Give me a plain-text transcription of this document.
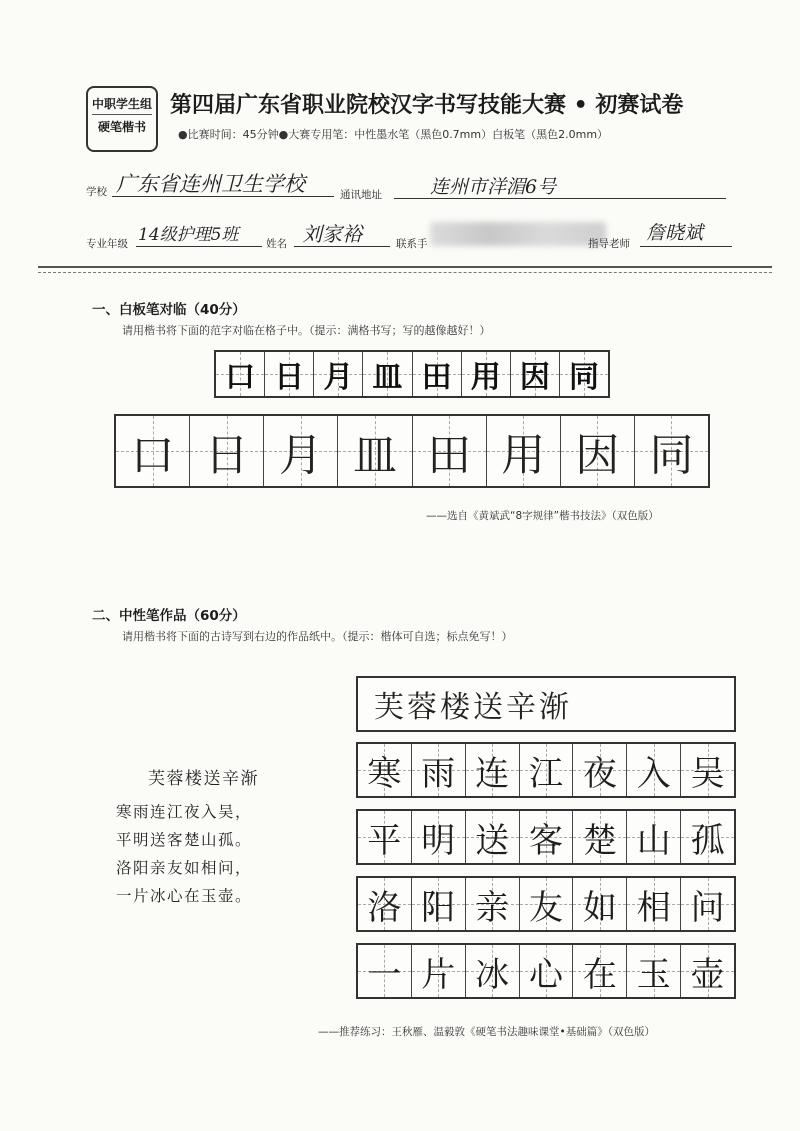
中职学生组
硬笔楷书
第四届广东省职业院校汉字书写技能大赛 • 初赛试卷
●比赛时间：45分钟●大赛专用笔：中性墨水笔（黑色0.7mm）白板笔（黑色2.0mm）
学校 广东省连州卫生学校	通讯地址	连州市洋湄6号
专业年级 14级护理5班	姓名 刘家裕	联系手	指导老师 詹晓斌
一、白板笔对临（40分）
请用楷书将下面的范字对临在格子中。（提示：满格书写；写的越像越好！）
口 日 月 皿 田 用 因 同
口 日 月 皿 田 用 因 同
——选自《黄斌武“8字规律”楷书技法》（双色版）
二、中性笔作品（60分）
请用楷书将下面的古诗写到右边的作品纸中。（提示：楷体可自选；标点免写！）
芙蓉楼送辛渐
寒雨连江夜入吴，
平明送客楚山孤。
洛阳亲友如相问，
一片冰心在玉壶。
芙蓉楼送辛渐
寒 雨 连 江 夜 入 吴
平 明 送 客 楚 山 孤
洛 阳 亲 友 如 相 问
一 片 冰 心 在 玉 壶
——推荐练习：王秋雁、温毅敦《硬笔书法趣味课堂•基础篇》（双色版）
